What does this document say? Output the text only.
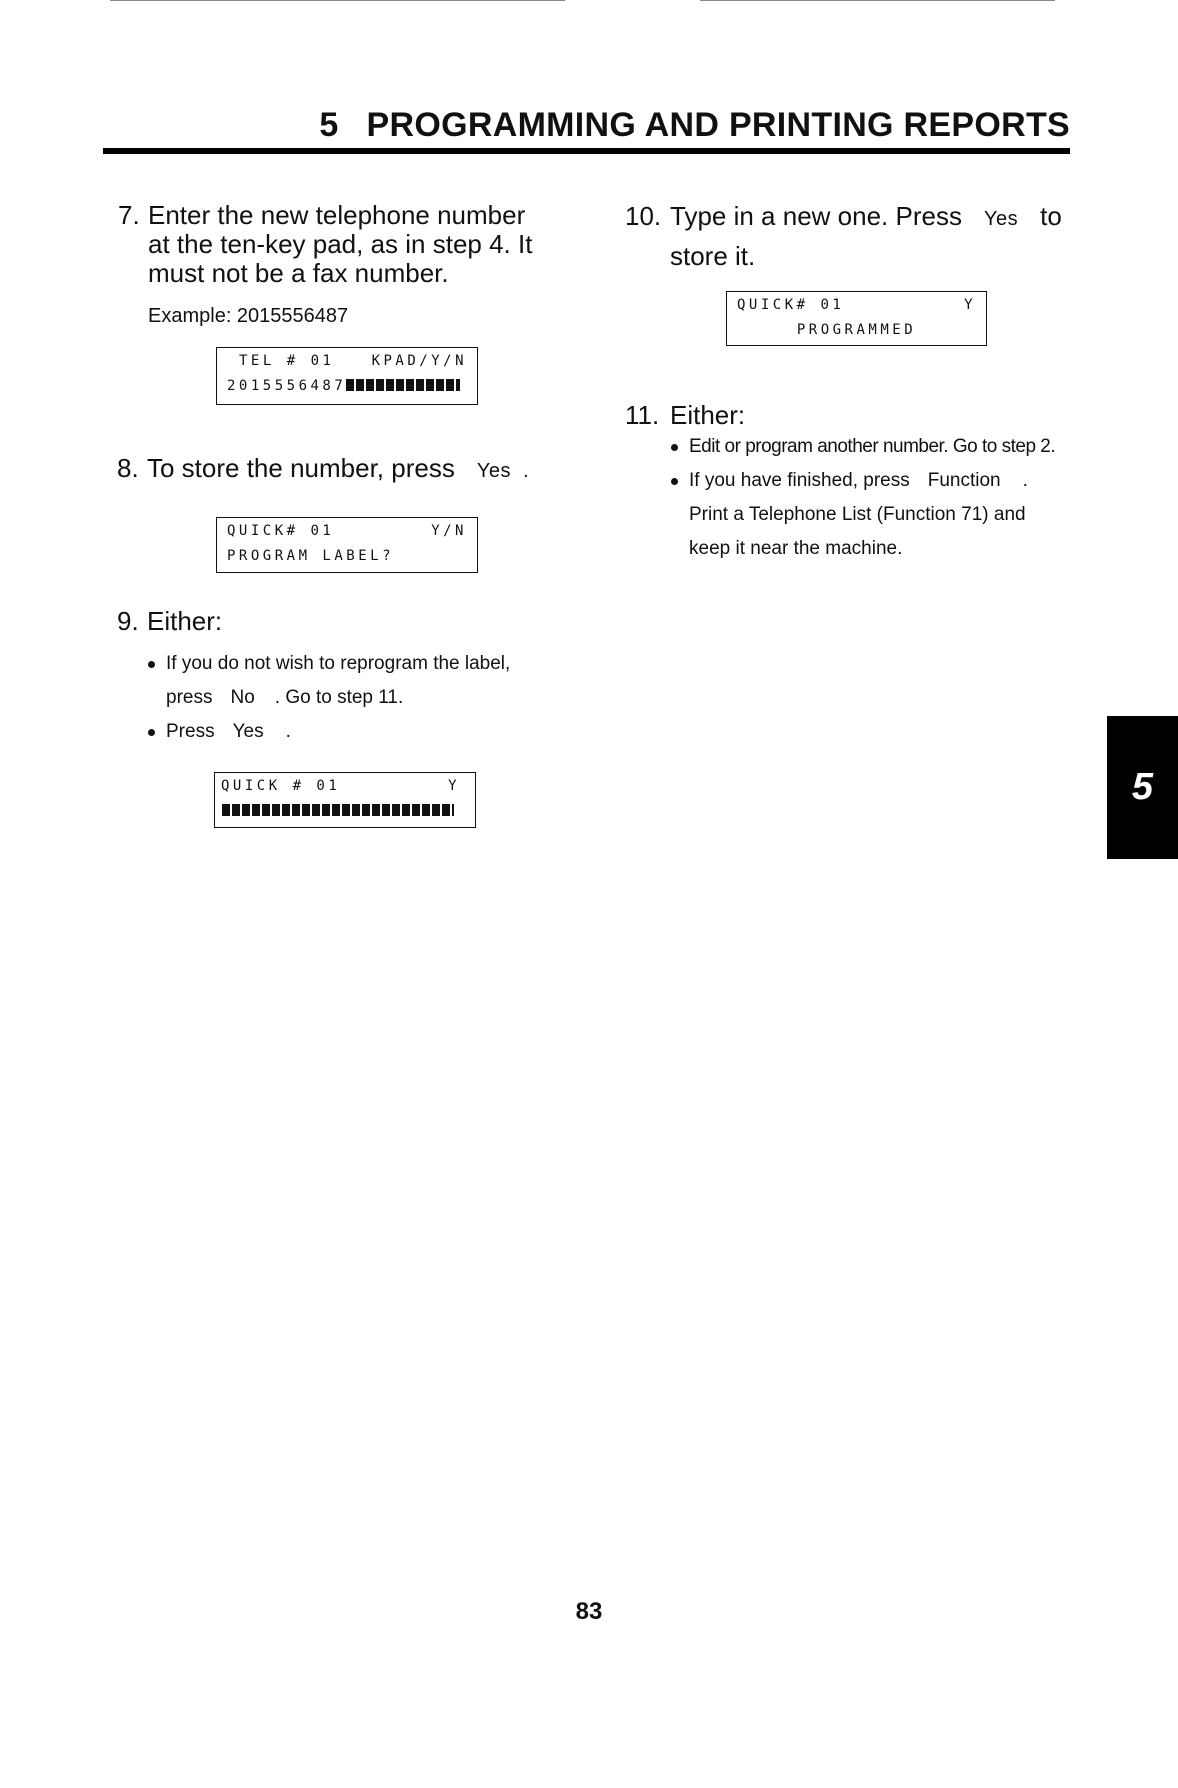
5 PROGRAMMING AND PRINTING REPORTS
7. Enter the new telephone number
at the ten-key pad, as in step 4. It
must not be a fax number.
Example: 2015556487
TEL # 01	KPAD/Y/N
2015556487
8. To store the number, press Yes .
QUICK# 01	Y/N
PROGRAM LABEL?
9. Either:
If you do not wish to reprogram the label,
press No . Go to step 11.
Press Yes .
QUICK # 01	Y
10. Type in a new one. Press Yes to
store it.
QUICK# 01	Y
PROGRAMMED
11. Either:
Edit or program another number. Go to step 2.
If you have finished, press Function .
Print a Telephone List (Function 71) and
keep it near the machine.
5
83
